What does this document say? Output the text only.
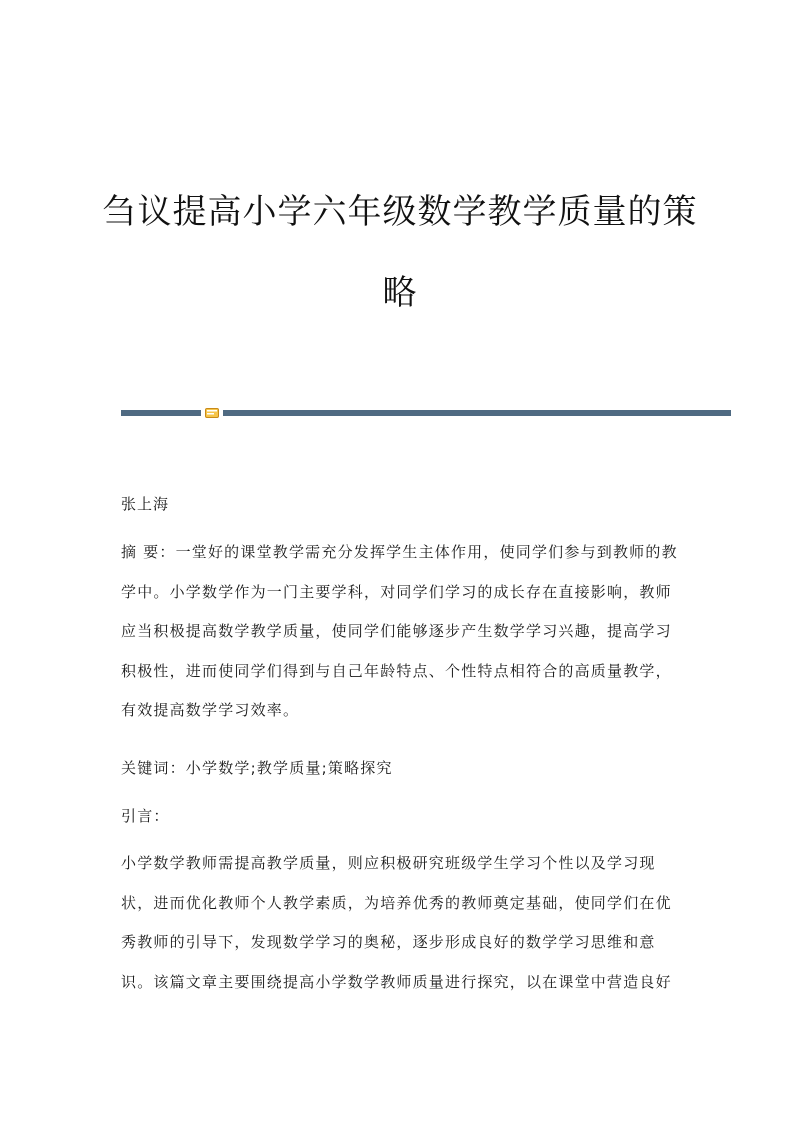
刍议提高小学六年级数学教学质量的策
略
张上海

摘 要：一堂好的课堂教学需充分发挥学生主体作用，使同学们参与到教师的教
学中。小学数学作为一门主要学科，对同学们学习的成长存在直接影响，教师
应当积极提高数学教学质量，使同学们能够逐步产生数学学习兴趣，提高学习
积极性，进而使同学们得到与自己年龄特点、个性特点相符合的高质量教学，
有效提高数学学习效率。

关键词：小学数学;教学质量;策略探究

引言：

小学数学教师需提高教学质量，则应积极研究班级学生学习个性以及学习现
状，进而优化教师个人教学素质，为培养优秀的教师奠定基础，使同学们在优
秀教师的引导下，发现数学学习的奥秘，逐步形成良好的数学学习思维和意
识。该篇文章主要围绕提高小学数学教师质量进行探究，以在课堂中营造良好
